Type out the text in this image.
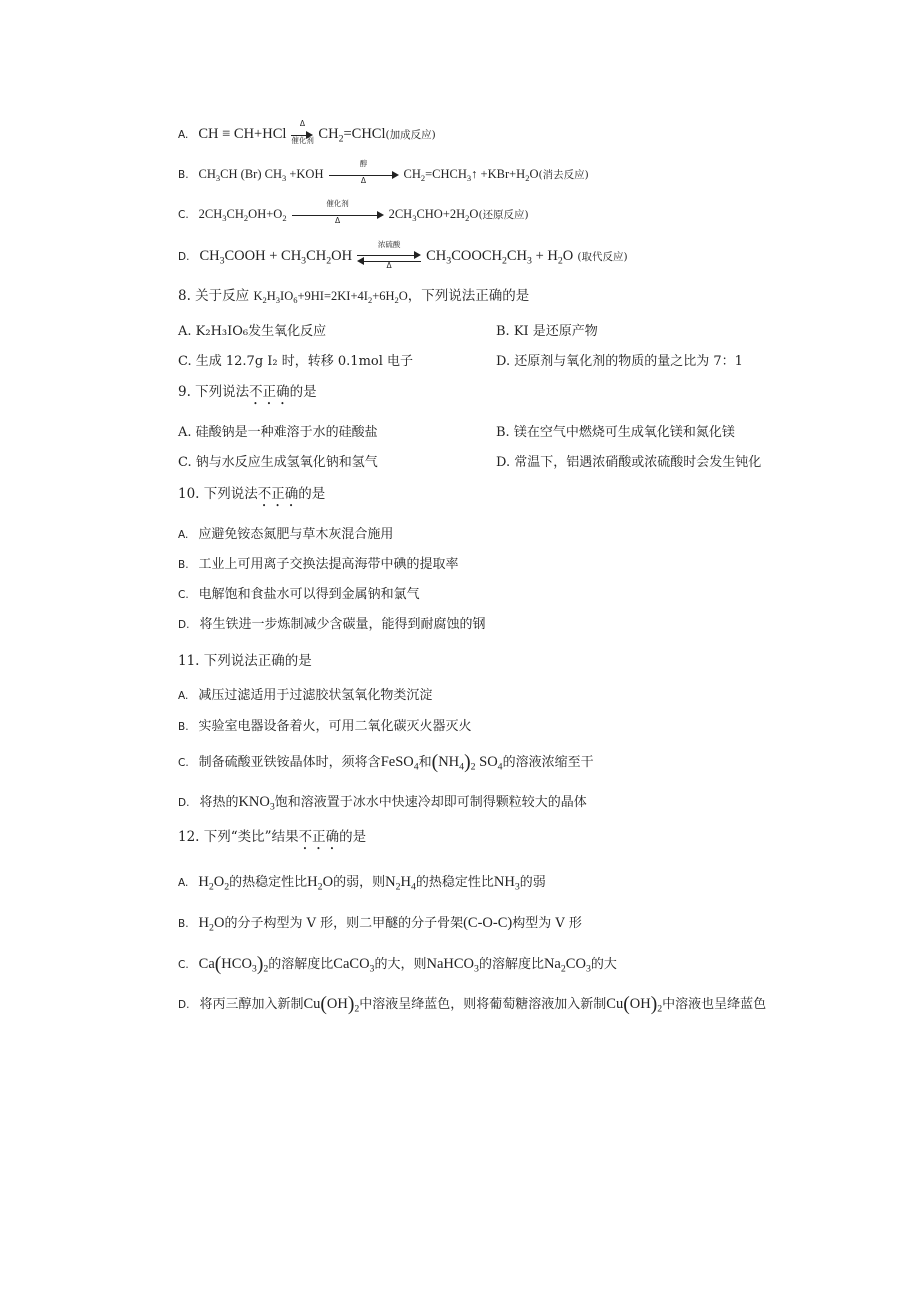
A. CH ≡ CH+HCl
Δ
催化剂 $CH_2=CHCl$(加成反应)
B. $CH_3CH$ (Br) $CH_3 +KOH$
醇
Δ	$CH_2=CHCH_3↑ +KBr+H_2O$(消去反应)
C. $2CH_3CH_2OH+O_2$
催化剂
Δ	$2CH_3CHO+2H_2O$(还原反应)
D. $CH_3COOH + CH_3CH_2OH$
浓硫酸
Δ
$CH_3COOCH_2CH_3 + H_2O$ (取代反应)
8. 关于反应 $K_2H_3IO_6+9HI=2KI+4I_2+6H_2O$，下列说法正确的是
A. K₂H₃IO₆发生氧化反应	B. KI 是还原产物
C. 生成 12.7g I₂ 时，转移 0.1mol 电子	D. 还原剂与氧化剂的物质的量之比为 7：1
9. 下列说法不正确的是
A. 硅酸钠是一种难溶于水的硅酸盐	B. 镁在空气中燃烧可生成氧化镁和氮化镁
C. 钠与水反应生成氢氧化钠和氢气	D. 常温下，铝遇浓硝酸或浓硫酸时会发生钝化
10. 下列说法不正确的是
A. 应避免铵态氮肥与草木灰混合施用
B. 工业上可用离子交换法提高海带中碘的提取率
C. 电解饱和食盐水可以得到金属钠和氯气
D. 将生铁进一步炼制减少含碳量，能得到耐腐蚀的钢
11. 下列说法正确的是
A. 减压过滤适用于过滤胶状氢氧化物类沉淀
B. 实验室电器设备着火，可用二氧化碳灭火器灭火
C. 制备硫酸亚铁铵晶体时，须将含FeSO$_4$和$(NH_4)_2$ $SO_4$的溶液浓缩至干
D. 将热的$KNO_3$饱和溶液置于冰水中快速冷却即可制得颗粒较大的晶体
12. 下列“类比”结果不正确的是
A. $H_2O_2$的热稳定性比$H_2O$的弱，则$N_2H_4$的热稳定性比$NH_3$的弱
B. $H_2O$的分子构型为 V 形，则二甲醚的分子骨架(C-O-C)构型为 V 形
C. $Ca(HCO_3)_2$的溶解度比CaCO$_3$的大，则NaHCO$_3$的溶解度比$Na_2CO_3$的大
D. 将丙三醇加入新制$Cu(OH)_2$中溶液呈绛蓝色，则将葡萄糖溶液加入新制$Cu(OH)_2$中溶液也呈绛蓝色
